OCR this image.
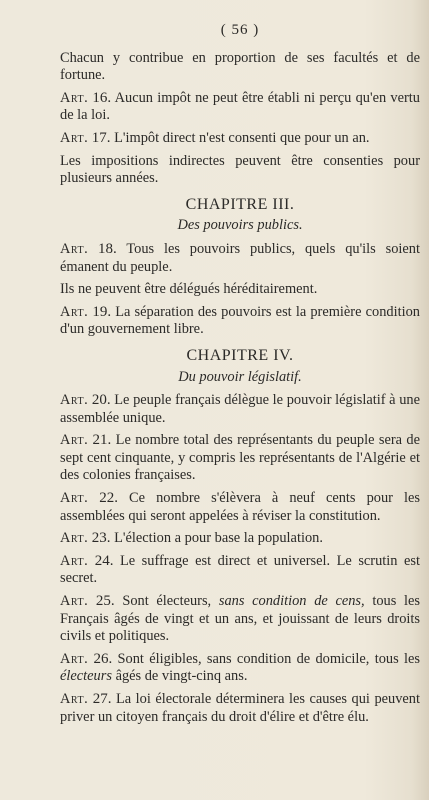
( 56 )

Chacun y contribue en proportion de ses facultés et de fortune.

Art. 16. Aucun impôt ne peut être établi ni perçu qu'en vertu de la loi.

Art. 17. L'impôt direct n'est consenti que pour un an.

Les impositions indirectes peuvent être consenties pour plusieurs années.

CHAPITRE III.
Des pouvoirs publics.

Art. 18. Tous les pouvoirs publics, quels qu'ils soient émanent du peuple.

Ils ne peuvent être délégués héréditairement.

Art. 19. La séparation des pouvoirs est la première condition d'un gouvernement libre.

CHAPITRE IV.
Du pouvoir législatif.

Art. 20. Le peuple français délègue le pouvoir législatif à une assemblée unique.

Art. 21. Le nombre total des représentants du peuple sera de sept cent cinquante, y compris les représentants de l'Algérie et des colonies françaises.

Art. 22. Ce nombre s'élèvera à neuf cents pour les assemblées qui seront appelées à réviser la constitution.

Art. 23. L'élection a pour base la population.

Art. 24. Le suffrage est direct et universel. Le scrutin est secret.

Art. 25. Sont électeurs, sans condition de cens, tous les Français âgés de vingt et un ans, et jouissant de leurs droits civils et politiques.

Art. 26. Sont éligibles, sans condition de domicile, tous les électeurs âgés de vingt-cinq ans.

Art. 27. La loi électorale déterminera les causes qui peuvent priver un citoyen français du droit d'élire et d'être élu.
